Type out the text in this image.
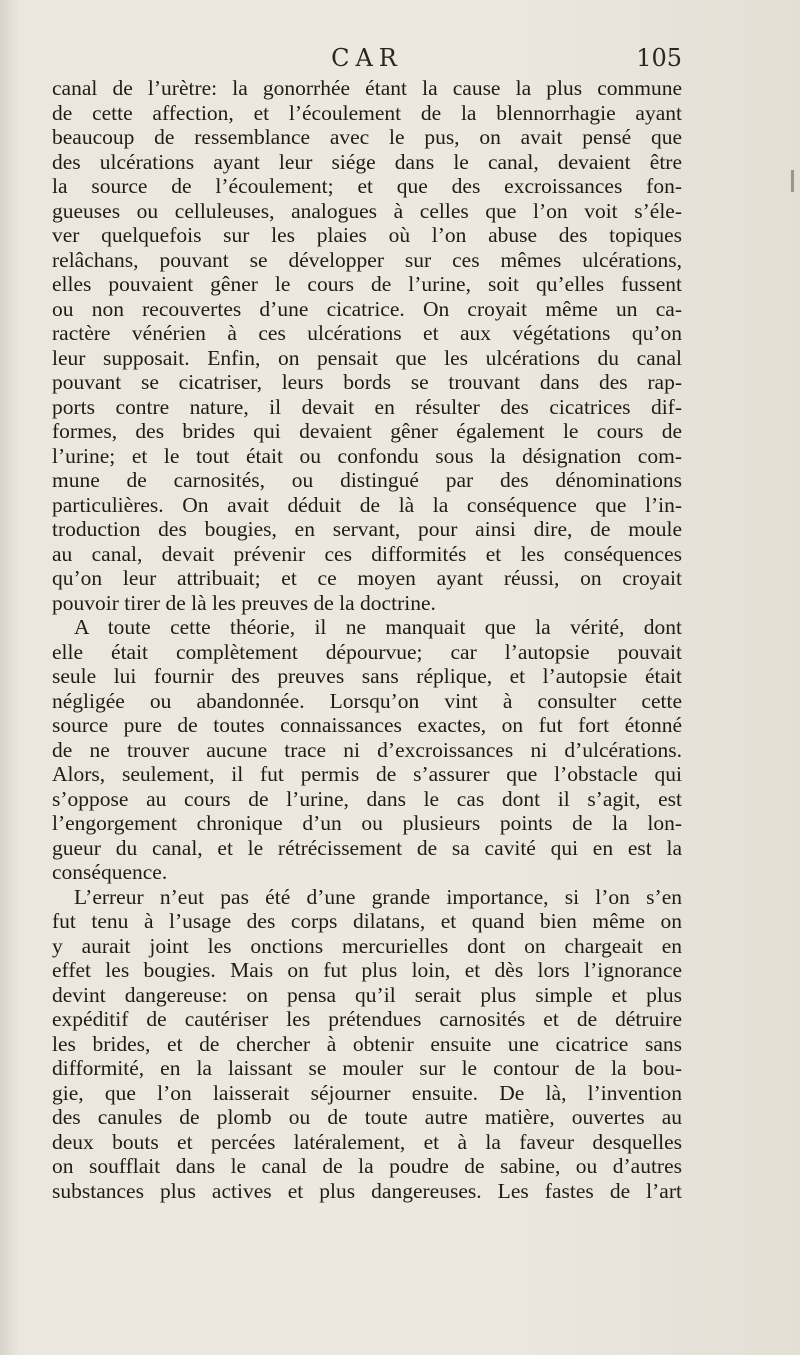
CAR	105
canal de l’urètre: la gonorrhée étant la cause la plus commune
de cette affection, et l’écoulement de la blennorrhagie ayant
beaucoup de ressemblance avec le pus, on avait pensé que
des ulcérations ayant leur siége dans le canal, devaient être
la source de l’écoulement; et que des excroissances fon-
gueuses ou celluleuses, analogues à celles que l’on voit s’éle-
ver quelquefois sur les plaies où l’on abuse des topiques
relâchans, pouvant se développer sur ces mêmes ulcérations,
elles pouvaient gêner le cours de l’urine, soit qu’elles fussent
ou non recouvertes d’une cicatrice. On croyait même un ca-
ractère vénérien à ces ulcérations et aux végétations qu’on
leur supposait. Enfin, on pensait que les ulcérations du canal
pouvant se cicatriser, leurs bords se trouvant dans des rap-
ports contre nature, il devait en résulter des cicatrices dif-
formes, des brides qui devaient gêner également le cours de
l’urine; et le tout était ou confondu sous la désignation com-
mune de carnosités, ou distingué par des dénominations
particulières. On avait déduit de là la conséquence que l’in-
troduction des bougies, en servant, pour ainsi dire, de moule
au canal, devait prévenir ces difformités et les conséquences
qu’on leur attribuait; et ce moyen ayant réussi, on croyait
pouvoir tirer de là les preuves de la doctrine.
A toute cette théorie, il ne manquait que la vérité, dont
elle était complètement dépourvue; car l’autopsie pouvait
seule lui fournir des preuves sans réplique, et l’autopsie était
négligée ou abandonnée. Lorsqu’on vint à consulter cette
source pure de toutes connaissances exactes, on fut fort étonné
de ne trouver aucune trace ni d’excroissances ni d’ulcérations.
Alors, seulement, il fut permis de s’assurer que l’obstacle qui
s’oppose au cours de l’urine, dans le cas dont il s’agit, est
l’engorgement chronique d’un ou plusieurs points de la lon-
gueur du canal, et le rétrécissement de sa cavité qui en est la
conséquence.
L’erreur n’eut pas été d’une grande importance, si l’on s’en
fut tenu à l’usage des corps dilatans, et quand bien même on
y aurait joint les onctions mercurielles dont on chargeait en
effet les bougies. Mais on fut plus loin, et dès lors l’ignorance
devint dangereuse: on pensa qu’il serait plus simple et plus
expéditif de cautériser les prétendues carnosités et de détruire
les brides, et de chercher à obtenir ensuite une cicatrice sans
difformité, en la laissant se mouler sur le contour de la bou-
gie, que l’on laisserait séjourner ensuite. De là, l’invention
des canules de plomb ou de toute autre matière, ouvertes au
deux bouts et percées latéralement, et à la faveur desquelles
on soufflait dans le canal de la poudre de sabine, ou d’autres
substances plus actives et plus dangereuses. Les fastes de l’art
